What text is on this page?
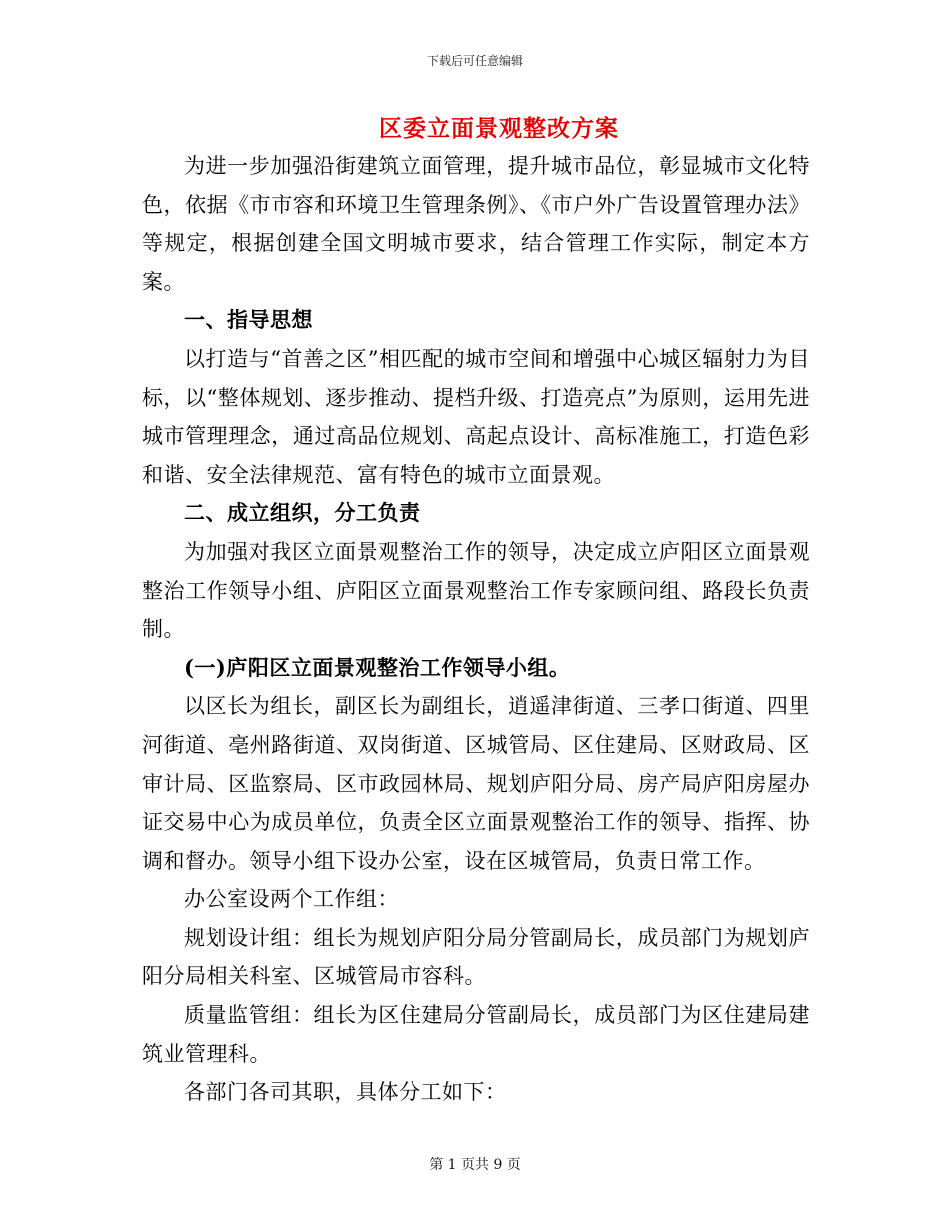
下载后可任意编辑
区委立面景观整改方案

为进一步加强沿街建筑立面管理，提升城市品位，彰显城市文化特色，依据《市市容和环境卫生管理条例》、《市户外广告设置管理办法》等规定，根据创建全国文明城市要求，结合管理工作实际，制定本方案。

一、指导思想

以打造与“首善之区”相匹配的城市空间和增强中心城区辐射力为目标，以“整体规划、逐步推动、提档升级、打造亮点”为原则，运用先进城市管理理念，通过高品位规划、高起点设计、高标准施工，打造色彩和谐、安全法律规范、富有特色的城市立面景观。

二、成立组织，分工负责

为加强对我区立面景观整治工作的领导，决定成立庐阳区立面景观整治工作领导小组、庐阳区立面景观整治工作专家顾问组、路段长负责制。

(一)庐阳区立面景观整治工作领导小组。

以区长为组长，副区长为副组长，逍遥津街道、三孝口街道、四里河街道、亳州路街道、双岗街道、区城管局、区住建局、区财政局、区审计局、区监察局、区市政园林局、规划庐阳分局、房产局庐阳房屋办证交易中心为成员单位，负责全区立面景观整治工作的领导、指挥、协调和督办。领导小组下设办公室，设在区城管局，负责日常工作。

办公室设两个工作组：

规划设计组：组长为规划庐阳分局分管副局长，成员部门为规划庐阳分局相关科室、区城管局市容科。

质量监管组：组长为区住建局分管副局长，成员部门为区住建局建筑业管理科。

各部门各司其职，具体分工如下：

第 1 页共 9 页
